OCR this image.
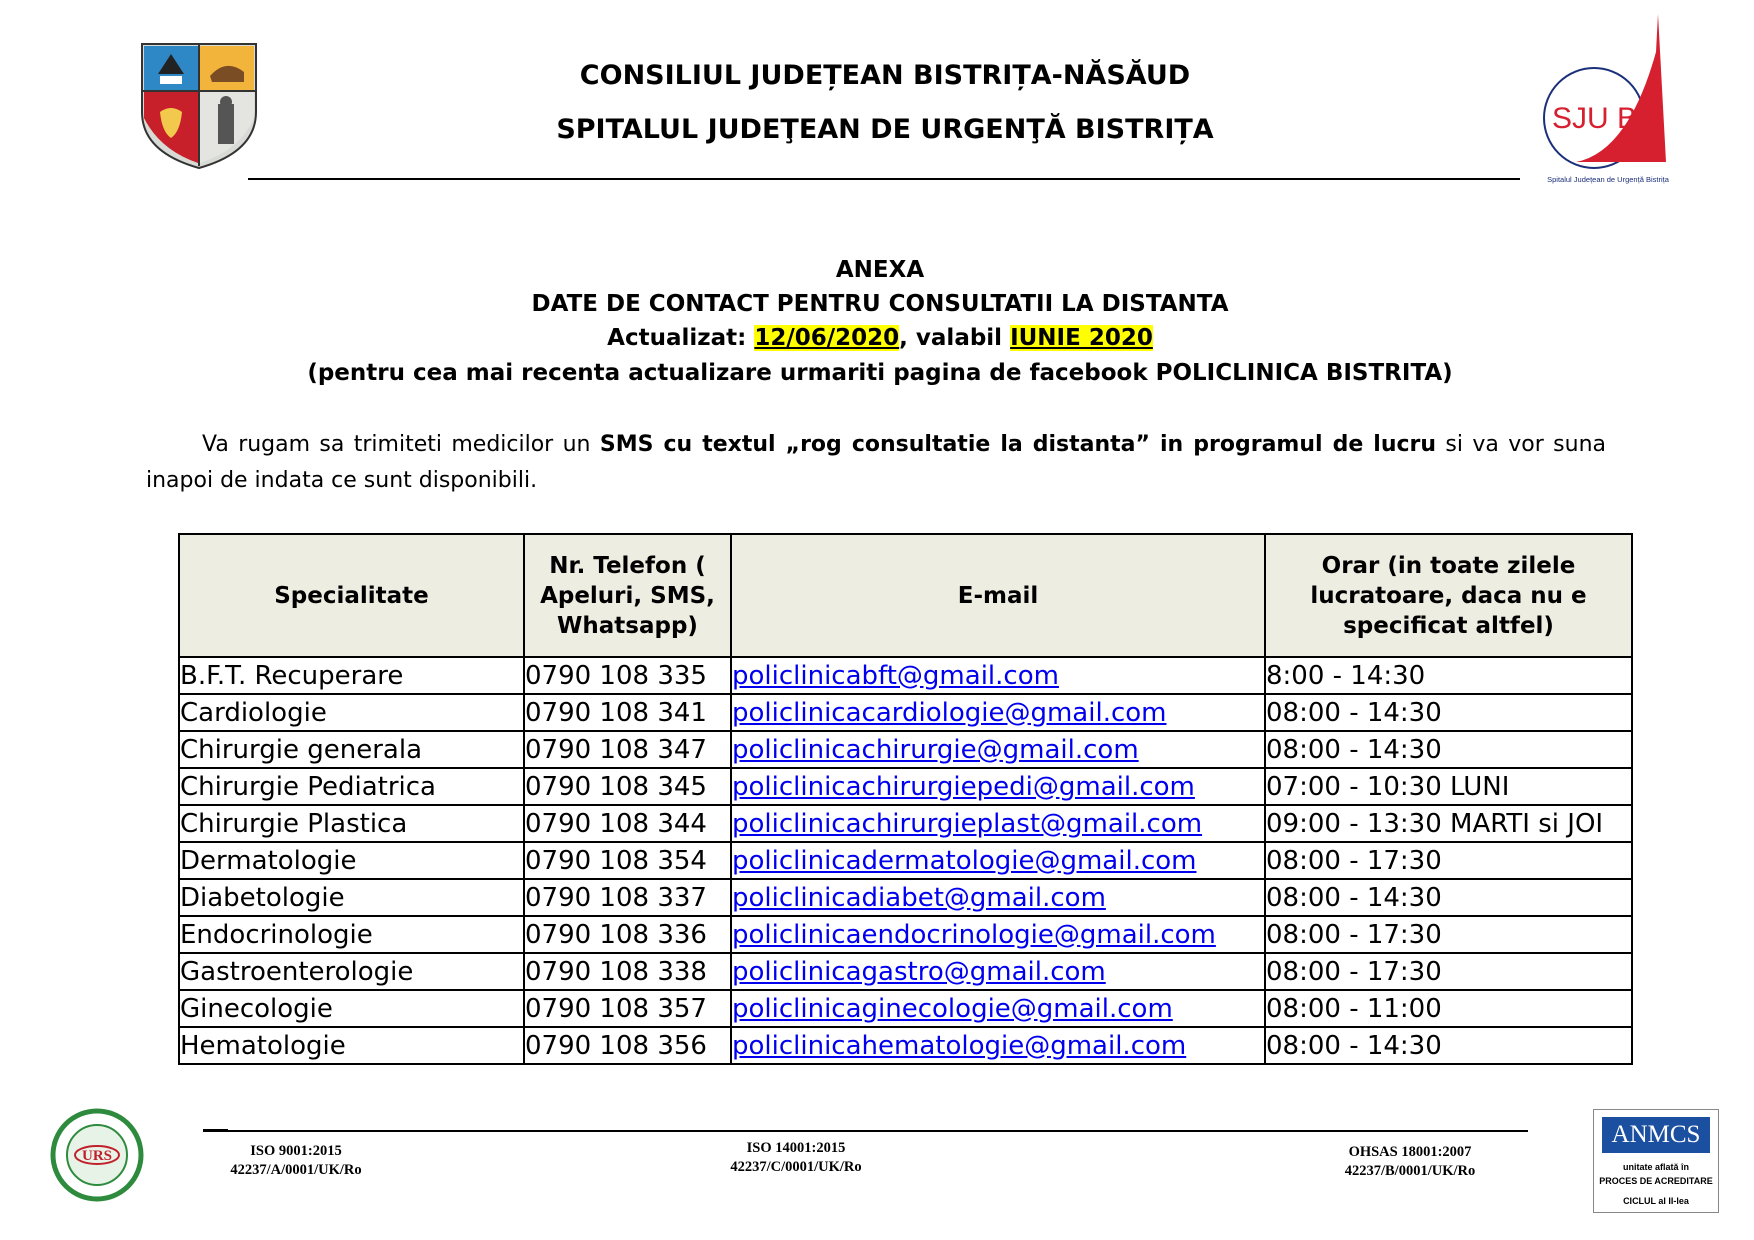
CONSILIUL JUDEȚEAN BISTRIȚA-NĂSĂUD
SPITALUL JUDEŢEAN DE URGENŢĂ BISTRIȚA	SJU B
Spitalul Județean de Urgență Bistrița
ANEXA
DATE DE CONTACT PENTRU CONSULTATII LA DISTANTA
Actualizat: 12/06/2020, valabil IUNIE 2020
(pentru cea mai recenta actualizare urmariti pagina de facebook POLICLINICA BISTRITA)
Va rugam sa trimiteti medicilor un SMS cu textul „rog consultatie la distanta” in programul de lucru si va vor suna inapoi de indata ce sunt disponibili.
Specialitate	Nr. Telefon ( Apeluri, SMS, Whatsapp)	E-mail	Orar (in toate zilele lucratoare, daca nu e specificat altfel)
B.F.T. Recuperare	0790 108 335	policlinicabft@gmail.com	8:00 - 14:30
Cardiologie	0790 108 341	policlinicacardiologie@gmail.com	08:00 - 14:30
Chirurgie generala	0790 108 347	policlinicachirurgie@gmail.com	08:00 - 14:30
Chirurgie Pediatrica	0790 108 345	policlinicachirurgiepedi@gmail.com	07:00 - 10:30 LUNI
Chirurgie Plastica	0790 108 344	policlinicachirurgieplast@gmail.com	09:00 - 13:30 MARTI si JOI
Dermatologie	0790 108 354	policlinicadermatologie@gmail.com	08:00 - 17:30
Diabetologie	0790 108 337	policlinicadiabet@gmail.com	08:00 - 14:30
Endocrinologie	0790 108 336	policlinicaendocrinologie@gmail.com	08:00 - 17:30
Gastroenterologie	0790 108 338	policlinicagastro@gmail.com	08:00 - 17:30
Ginecologie	0790 108 357	policlinicaginecologie@gmail.com	08:00 - 11:00
Hematologie	0790 108 356	policlinicahematologie@gmail.com	08:00 - 14:30
URS	ISO 9001:2015
42237/A/0001/UK/Ro
ISO 14001:2015
42237/C/0001/UK/Ro
OHSAS 18001:2007
42237/B/0001/UK/Ro
ANMCS
unitate aflată în
PROCES DE ACREDITARE
CICLUL al II-lea
